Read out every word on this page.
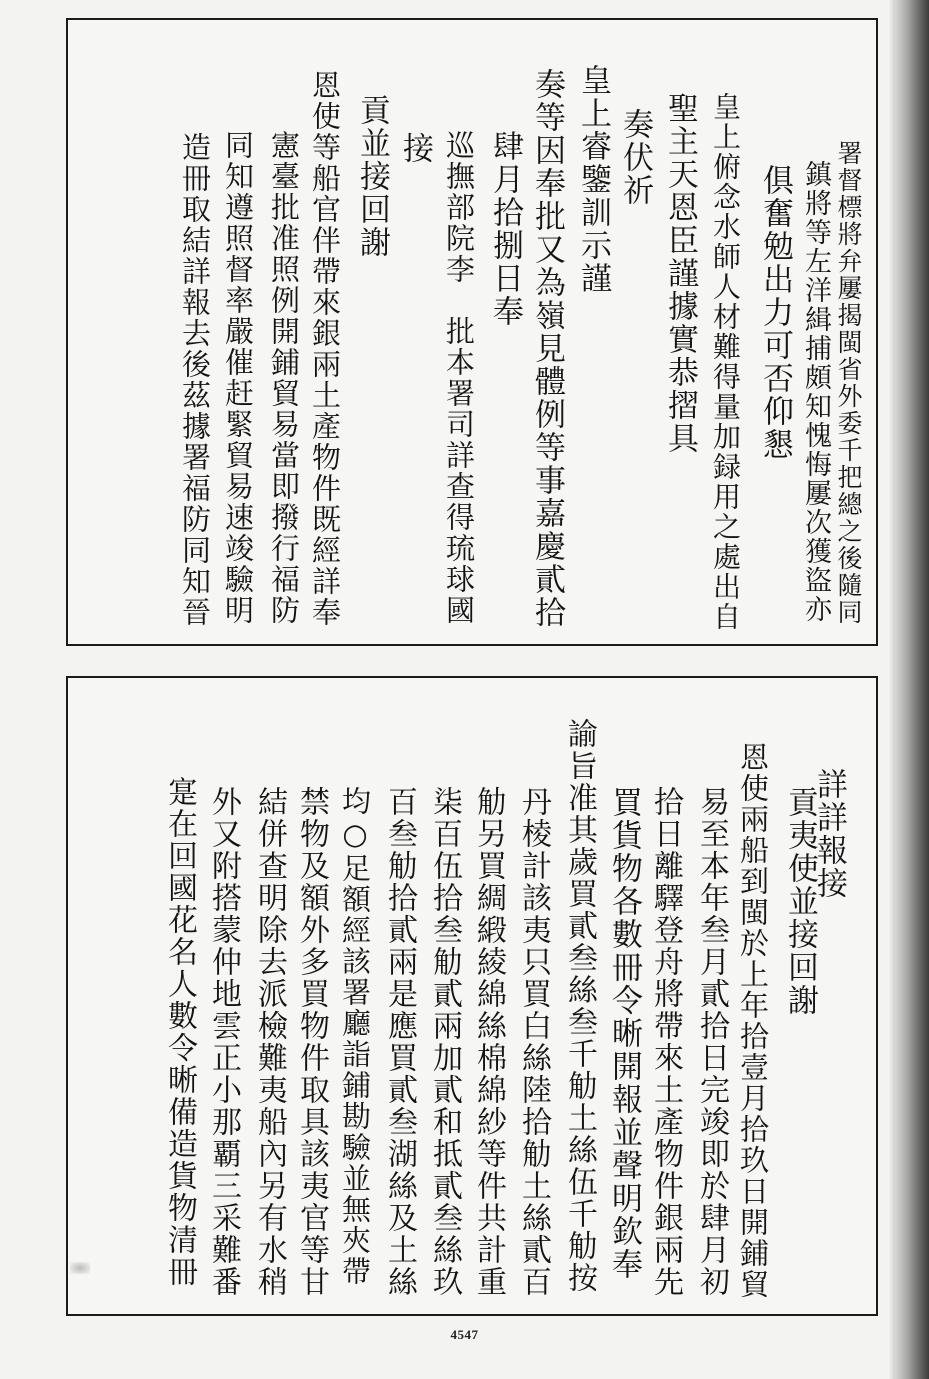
署督標將弁屢揭閩省外委千把總之後隨同
鎮將等左洋緝捕頗知愧悔屢次獲盜亦
俱奮勉出力可否仰懇
皇上俯念水師人材難得量加録用之處出自
聖主天恩臣謹據實恭摺具
奏伏祈
皇上睿鑒訓示謹
奏等因奉批又為嶺見體例等事嘉慶貳拾
肆月拾捌日奉
巡撫部院李　批本署司詳查得琉球國
接
貢並接回謝
恩使等船官伴帶來銀兩土產物件既經詳奉
憲臺批准照例開鋪貿易當即撥行福防
同知遵照督率嚴催赶緊貿易速竣驗明
造冊取結詳報去後茲據署福防同知晉
詳詳報接
貢夷使並接回謝
恩使兩船到閩於上年拾壹月拾玖日開鋪貿
易至本年叁月貳拾日完竣即於肆月初
拾日離驛登舟將帶來土產物件銀兩先
買貨物各數冊令晰開報並聲明欽奉
諭旨准其歲買貳叁絲叁千觔土絲伍千觔按
丹棱計該夷只買白絲陸拾觔土絲貳百
觔另買綢緞綾綿絲棉綿紗等件共計重
柒百伍拾叁觔貳兩加貳和抵貳叁絲玖
百叁觔拾貳兩是應買貳叁湖絲及土絲
均○足額經該署廳詣鋪勘驗並無夾帶
禁物及額外多買物件取具該夷官等甘
結併查明除去派檢難夷船內另有水稍
外又附搭蒙仲地雲正小那覇三采難番
寔在回國花名人數令晰備造貨物清冊
4547
